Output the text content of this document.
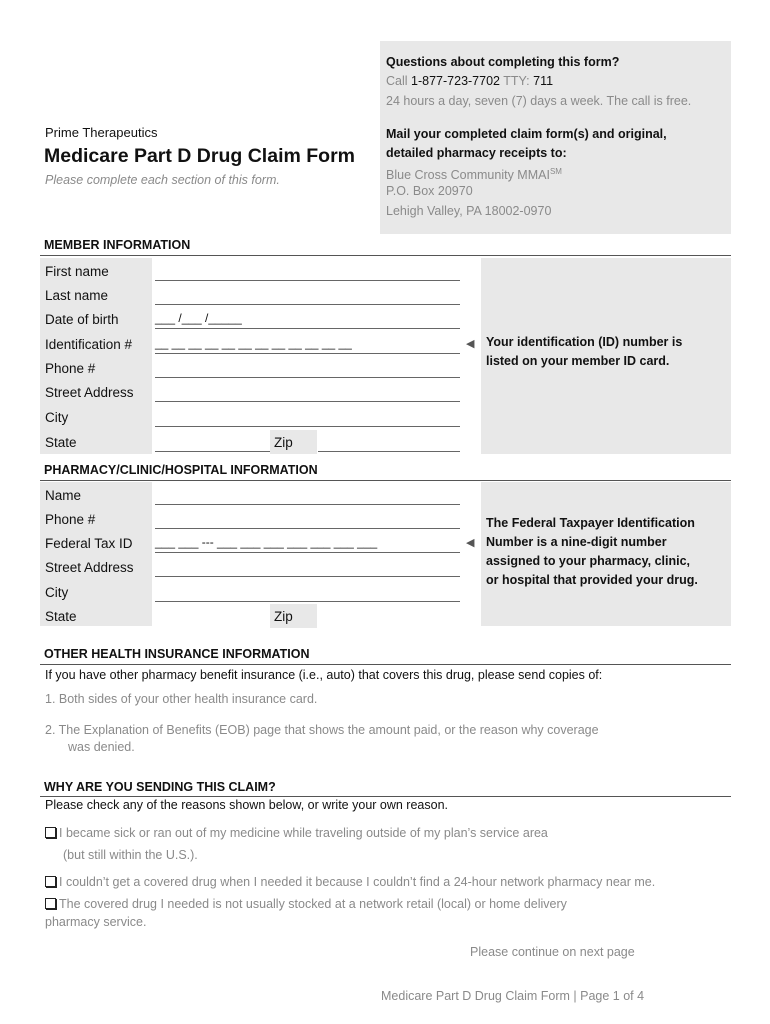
Questions about completing this form?
Call 1-877-723-7702 TTY: 711
24 hours a day, seven (7) days a week. The call is free.
Mail your completed claim form(s) and original,
detailed pharmacy receipts to:
Blue Cross Community MMAI℠
P.O. Box 20970
Lehigh Valley, PA 18002-0970
Prime Therapeutics
Medicare Part D Drug Claim Form
Please complete each section of this form.
MEMBER INFORMATION
First name
Last name
Date of birth	___ /___ /_____
Identification # __ __ __ __ __ __ __ __ __ __ __ __
Phone #
Street Address
City
State	Zip
◀ Your identification (ID) number is
listed on your member ID card.
PHARMACY/CLINIC/HOSPITAL INFORMATION
Name
Phone #
Federal Tax ID ___ ___ --- ___ ___ ___ ___ ___ ___ ___
Street Address
City
State	Zip
◀
The Federal Taxpayer Identification
Number is a nine-digit number
assigned to your pharmacy, clinic,
or hospital that provided your drug.
OTHER HEALTH INSURANCE INFORMATION
If you have other pharmacy benefit insurance (i.e., auto) that covers this drug, please send copies of:
1. Both sides of your other health insurance card.
2. The Explanation of Benefits (EOB) page that shows the amount paid, or the reason why coverage
was denied.
WHY ARE YOU SENDING THIS CLAIM?
Please check any of the reasons shown below, or write your own reason.
I became sick or ran out of my medicine while traveling outside of my plan’s service area
(but still within the U.S.).
I couldn’t get a covered drug when I needed it because I couldn’t find a 24-hour network pharmacy near me.
The covered drug I needed is not usually stocked at a network retail (local) or home delivery
pharmacy service.
Please continue on next page
Medicare Part D Drug Claim Form | Page 1 of 4
